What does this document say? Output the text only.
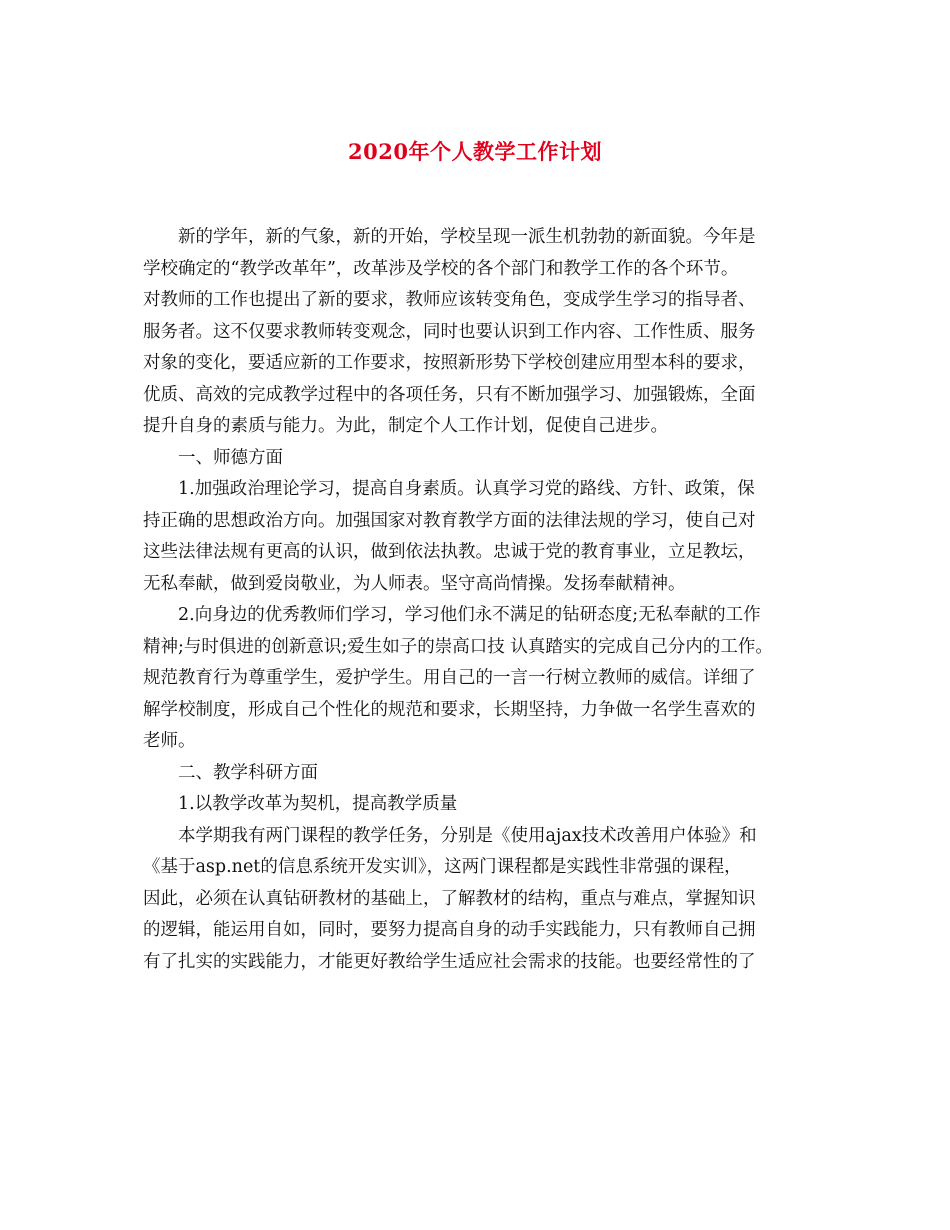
2020年个人教学工作计划
新的学年，新的气象，新的开始，学校呈现一派生机勃勃的新面貌。今年是
学校确定的“教学改革年”，改革涉及学校的各个部门和教学工作的各个环节。
对教师的工作也提出了新的要求，教师应该转变角色，变成学生学习的指导者、
服务者。这不仅要求教师转变观念，同时也要认识到工作内容、工作性质、服务
对象的变化，要适应新的工作要求，按照新形势下学校创建应用型本科的要求，
优质、高效的完成教学过程中的各项任务，只有不断加强学习、加强锻炼，全面
提升自身的素质与能力。为此，制定个人工作计划，促使自己进步。
一、师德方面
1.加强政治理论学习，提高自身素质。认真学习党的路线、方针、政策，保
持正确的思想政治方向。加强国家对教育教学方面的法律法规的学习，使自己对
这些法律法规有更高的认识，做到依法执教。忠诚于党的教育事业，立足教坛，
无私奉献，做到爱岗敬业，为人师表。坚守高尚情操。发扬奉献精神。
2.向身边的优秀教师们学习，学习他们永不满足的钻研态度;无私奉献的工作
精神;与时俱进的创新意识;爱生如子的崇高口技 认真踏实的完成自己分内的工作。
规范教育行为尊重学生，爱护学生。用自己的一言一行树立教师的威信。详细了
解学校制度，形成自己个性化的规范和要求，长期坚持，力争做一名学生喜欢的
老师。
二、教学科研方面
1.以教学改革为契机，提高教学质量
本学期我有两门课程的教学任务，分别是《使用ajax技术改善用户体验》和
《基于asp.net的信息系统开发实训》，这两门课程都是实践性非常强的课程，
因此，必须在认真钻研教材的基础上，了解教材的结构，重点与难点，掌握知识
的逻辑，能运用自如，同时，要努力提高自身的动手实践能力，只有教师自己拥
有了扎实的实践能力，才能更好教给学生适应社会需求的技能。也要经常性的了
